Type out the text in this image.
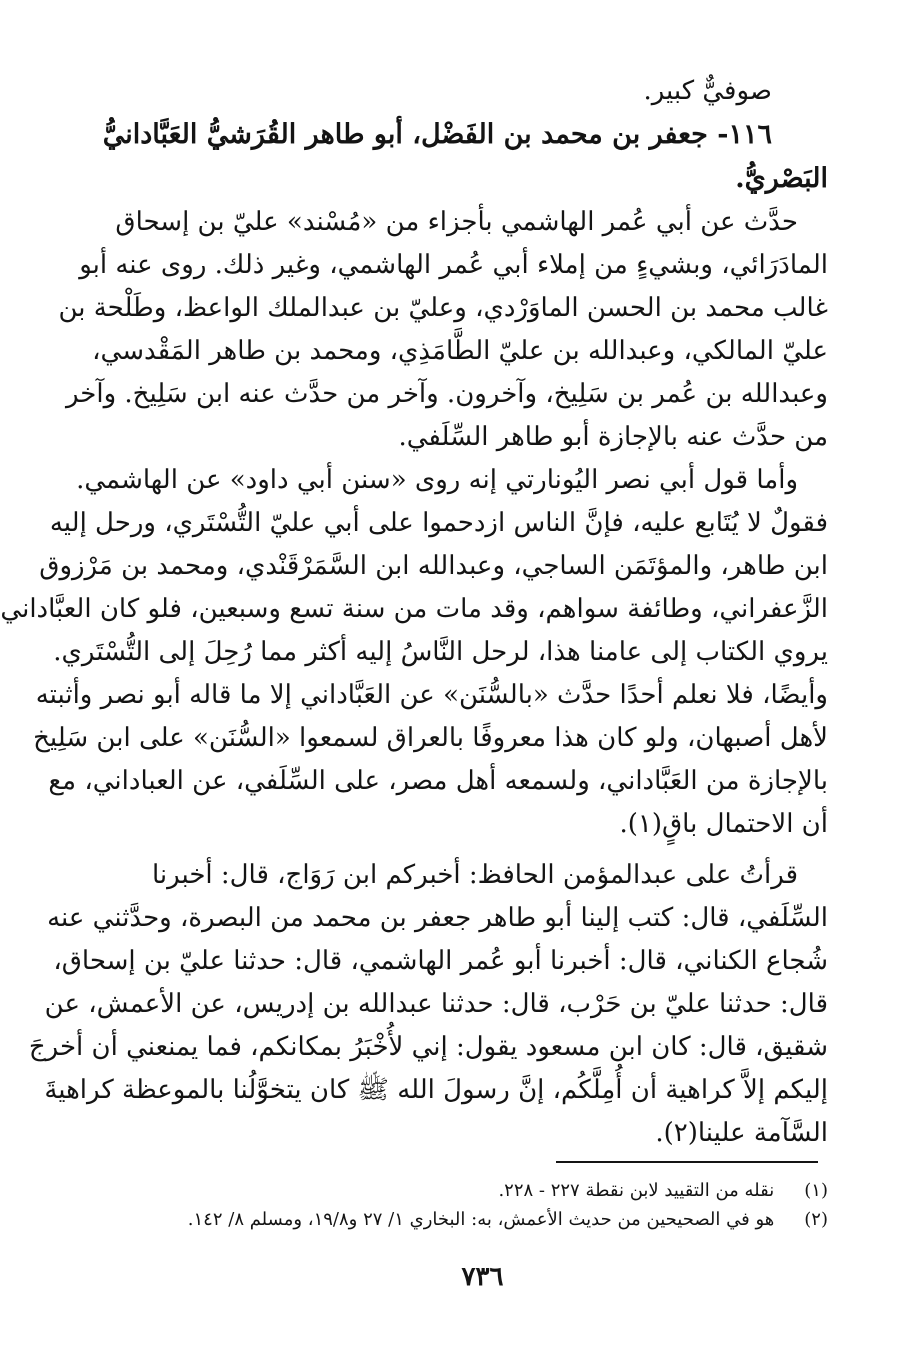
صوفيٌّ كبير.

١١٦- جعفر بن محمد بن الفَضْل، أبو طاهر القُرَشيُّ العَبَّادانيُّ

البَصْريُّ.

حدَّث عن أبي عُمر الهاشمي بأجزاء من «مُسْند» عليّ بن إسحاق

المادَرَائي، وبشيءٍ من إملاء أبي عُمر الهاشمي، وغير ذلك. روى عنه أبو

غالب محمد بن الحسن الماوَرْدي، وعليّ بن عبدالملك الواعظ، وطَلْحة بن

عليّ المالكي، وعبدالله بن عليّ الطَّامَذِي، ومحمد بن طاهر المَقْدسي،

وعبدالله بن عُمر بن سَلِيخ، وآخرون. وآخر من حدَّث عنه ابن سَلِيخ. وآخر

من حدَّث عنه بالإجازة أبو طاهر السِّلَفي.

وأما قول أبي نصر اليُونارتي إنه روى «سنن أبي داود» عن الهاشمي.

فقولٌ لا يُتَابع عليه، فإنَّ الناس ازدحموا على أبي عليّ التُّسْتَري، ورحل إليه

ابن طاهر، والمؤتَمَن الساجي، وعبدالله ابن السَّمَرْقَنْدي، ومحمد بن مَرْزوق

الزَّعفراني، وطائفة سواهم، وقد مات من سنة تسع وسبعين، فلو كان العبَّاداني

يروي الكتاب إلى عامنا هذا، لرحل النَّاسُ إليه أكثر مما رُحِلَ إلى التُّسْتَري.

وأيضًا، فلا نعلم أحدًا حدَّث «بالسُّنَن» عن العَبَّاداني إلا ما قاله أبو نصر وأثبته

لأهل أصبهان، ولو كان هذا معروفًا بالعراق لسمعوا «السُّنَن» على ابن سَلِيخ

بالإجازة من العَبَّاداني، ولسمعه أهل مصر، على السِّلَفي، عن العباداني، مع

أن الاحتمال باقٍ(١).

قرأتُ على عبدالمؤمن الحافظ: أخبركم ابن رَوَاج، قال: أخبرنا

السِّلَفي، قال: كتب إلينا أبو طاهر جعفر بن محمد من البصرة، وحدَّثني عنه

شُجاع الكناني، قال: أخبرنا أبو عُمر الهاشمي، قال: حدثنا عليّ بن إسحاق،

قال: حدثنا عليّ بن حَرْب، قال: حدثنا عبدالله بن إدريس، عن الأعمش، عن

شقيق، قال: كان ابن مسعود يقول: إني لأُخْبَرُ بمكانكم، فما يمنعني أن أخرجَ

إليكم إلاَّ كراهية أن أُمِلَّكُم، إنَّ رسولَ الله ﷺ كان يتخوَّلُنا بالموعظة كراهيةَ

السَّآمة علينا(٢).

(١) نقله من التقييد لابن نقطة ٢٢٧ - ٢٢٨.

(٢) هو في الصحيحين من حديث الأعمش، به: البخاري ١/ ٢٧ و١٩/٨، ومسلم ٨/ ١٤٢.

٧٣٦
